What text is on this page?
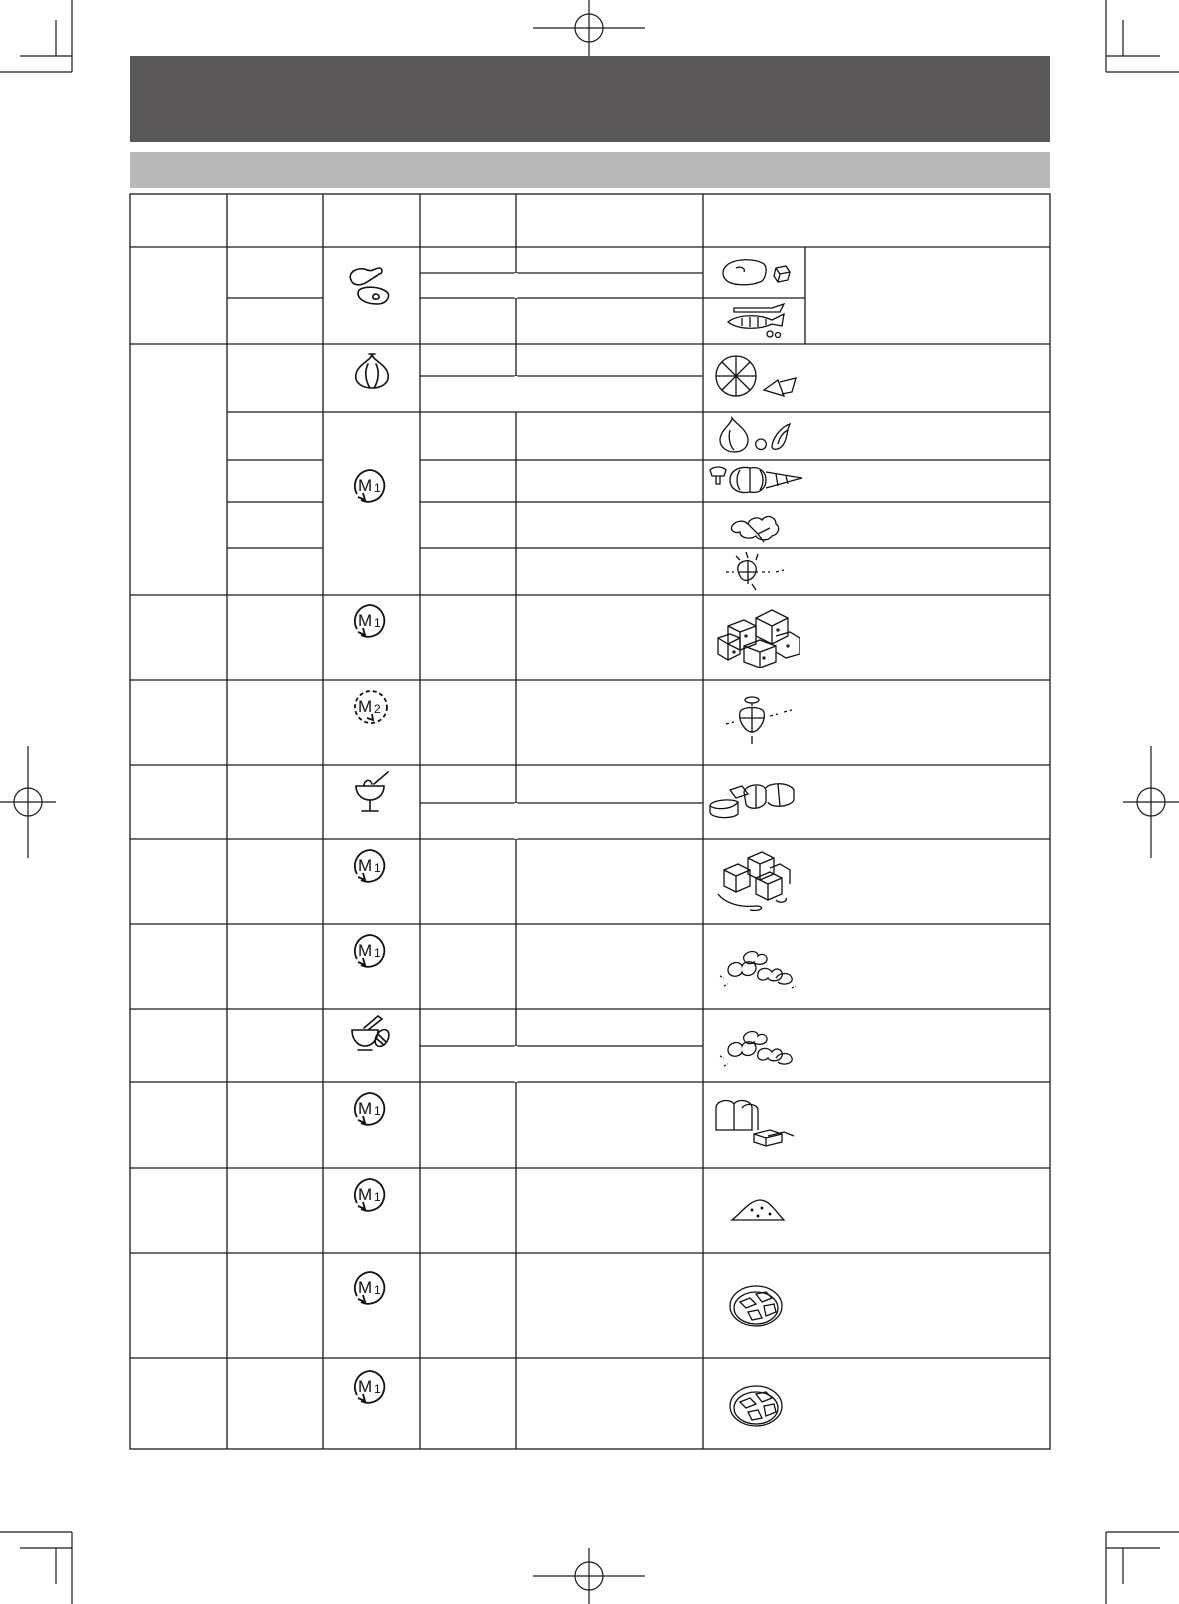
M 1
M 1
M 2
M 1
M 1
M 1
M 1
M 1
M 1
